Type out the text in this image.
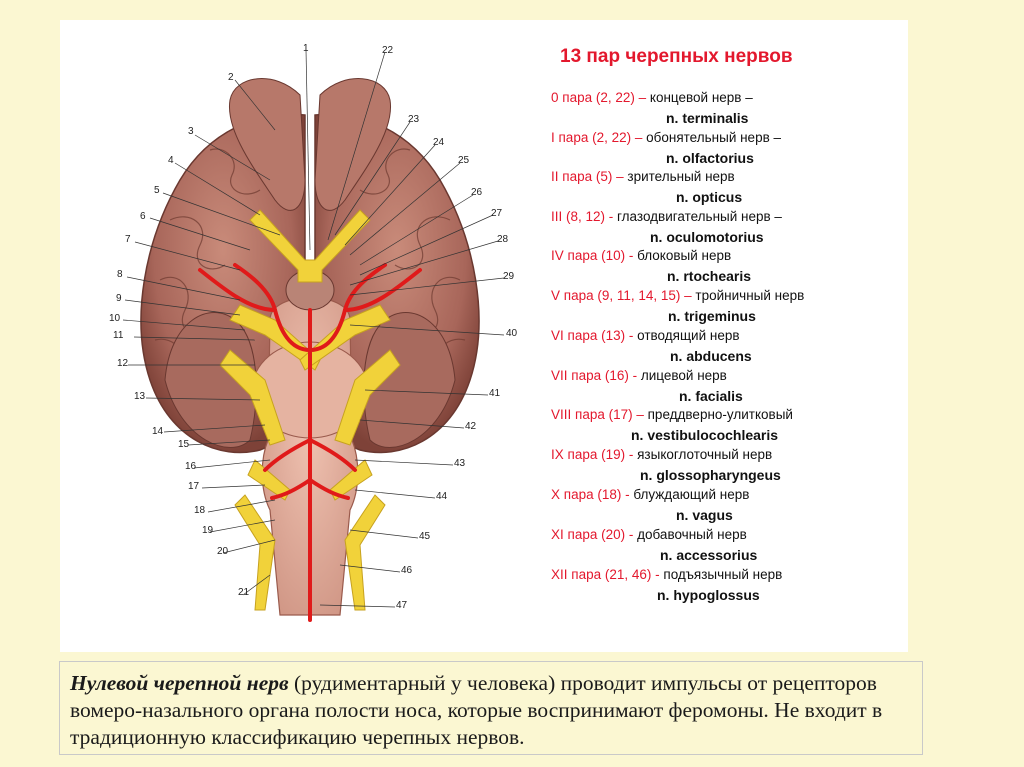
1	22
2
23
3
24
4	25
5	26
6	27
7	28
8	29
9
10
11	40
12
13	41
14	42
15
16	43
17
44
18
19
45
20
46
21
47
13 пар черепных нервов
0 пара (2, 22) – концевой нерв –
n. terminalis
I пара (2, 22) – обонятельный нерв –
n. olfactorius
II пара (5) – зрительный нерв
n. opticus
III (8, 12) - глазодвигательный нерв –
n. oculomotorius
IV пара (10) - блоковый нерв
n. rtochearis
V пара (9, 11, 14, 15) – тройничный нерв
n. trigeminus
VI пара (13) - отводящий нерв
n. abducens
VII пара (16) - лицевой нерв
n. facialis
VIII пара (17) – преддверно-улитковый
n. vestibulocochlearis
IX пара (19) - языкоглоточный нерв
n. glossopharyngeus
X пара (18) - блуждающий нерв
n. vagus
XI пара (20) - добавочный нерв
n. accessorius
XII пара (21, 46) - подъязычный нерв
n. hypoglossus
Нулевой черепной нерв (рудиментарный у человека) проводит импульсы от рецепторов вомеро-назального органа полости носа, которые воспринимают феромоны. Не входит в традиционную классификацию черепных нервов.
